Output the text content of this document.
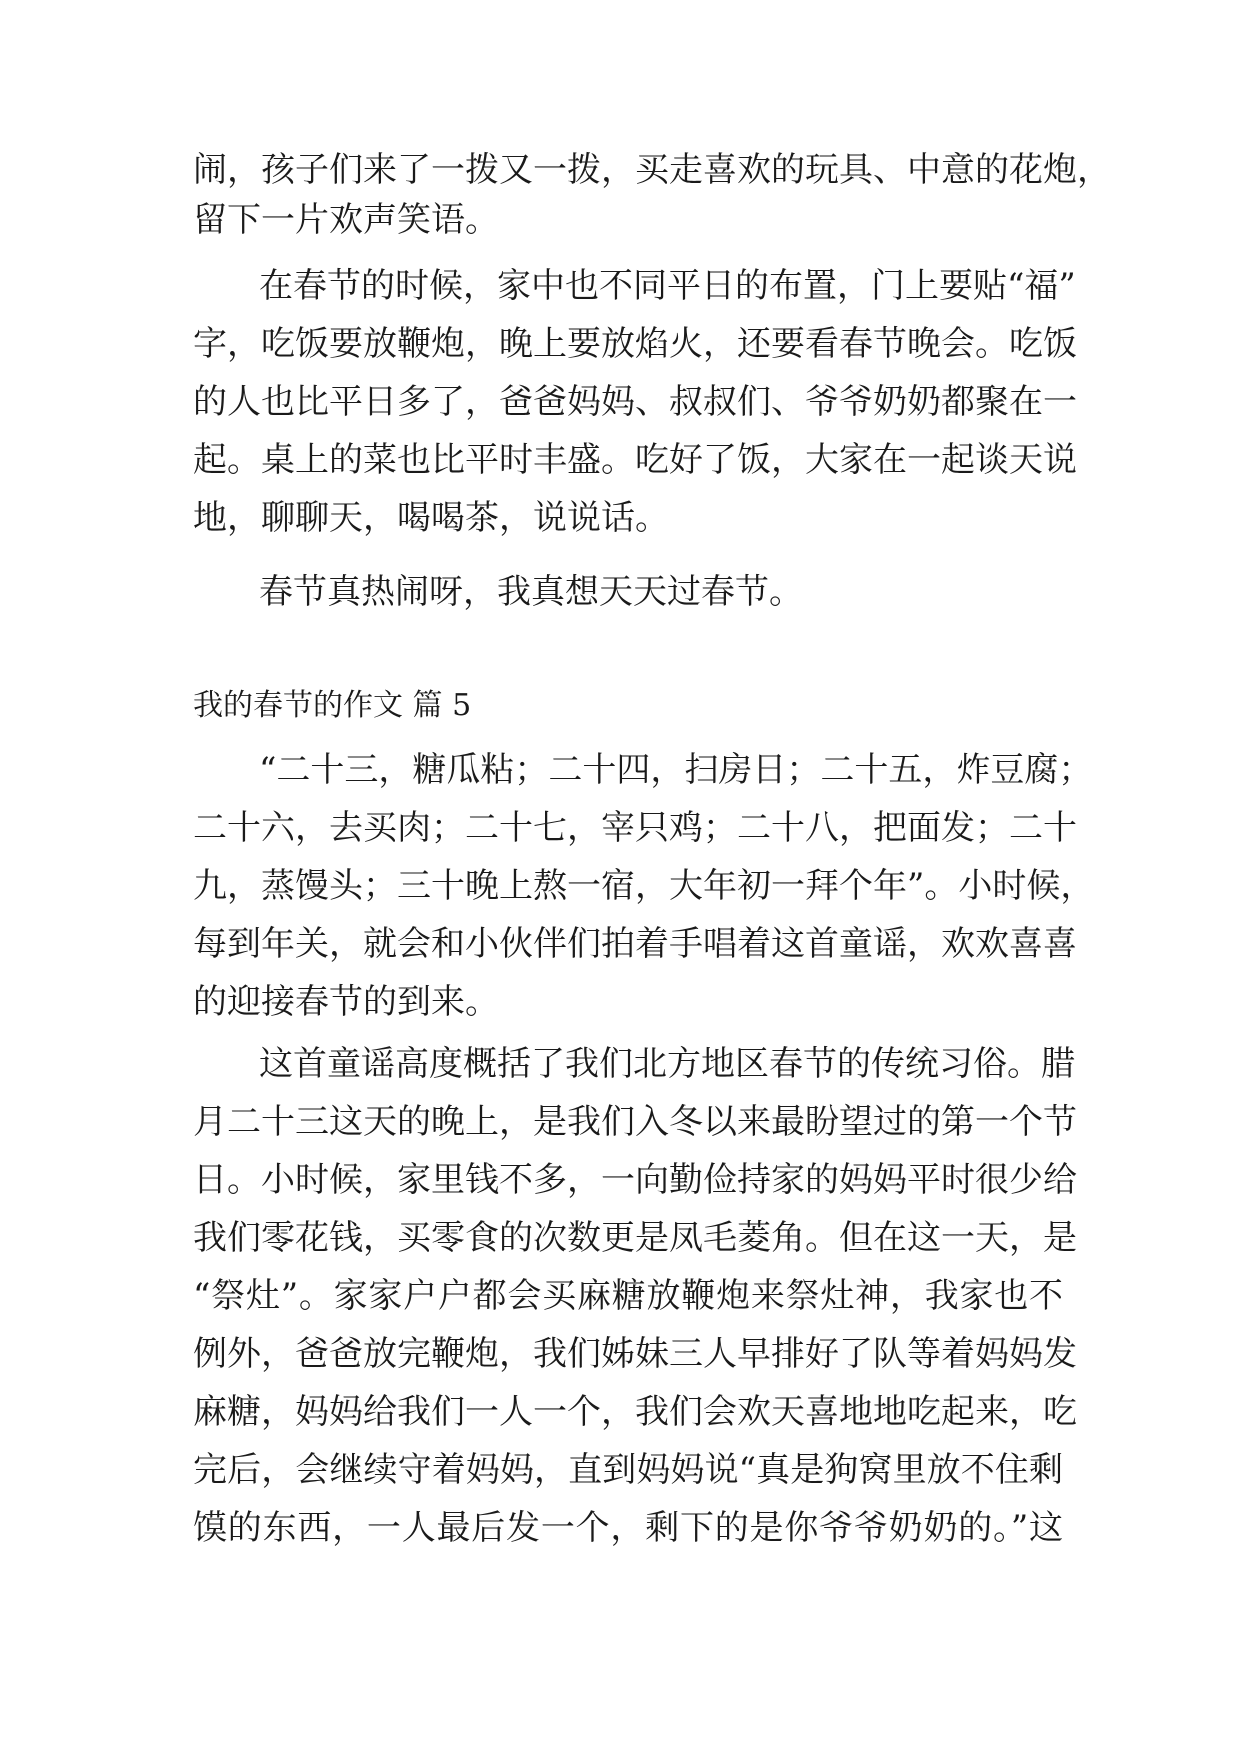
闹，孩子们来了一拨又一拨，买走喜欢的玩具、中意的花炮，
留下一片欢声笑语。
在春节的时候，家中也不同平日的布置，门上要贴“福”
字，吃饭要放鞭炮，晚上要放焰火，还要看春节晚会。吃饭
的人也比平日多了，爸爸妈妈、叔叔们、爷爷奶奶都聚在一
起。桌上的菜也比平时丰盛。吃好了饭，大家在一起谈天说
地，聊聊天，喝喝茶，说说话。
春节真热闹呀，我真想天天过春节。
我的春节的作文 篇 5
“二十三，糖瓜粘；二十四，扫房日；二十五，炸豆腐；
二十六，去买肉；二十七，宰只鸡；二十八，把面发；二十
九，蒸馒头；三十晚上熬一宿，大年初一拜个年”。小时候，
每到年关，就会和小伙伴们拍着手唱着这首童谣，欢欢喜喜
的迎接春节的到来。
这首童谣高度概括了我们北方地区春节的传统习俗。腊
月二十三这天的晚上，是我们入冬以来最盼望过的第一个节
日。小时候，家里钱不多，一向勤俭持家的妈妈平时很少给
我们零花钱，买零食的次数更是凤毛菱角。但在这一天，是
“祭灶”。家家户户都会买麻糖放鞭炮来祭灶神，我家也不
例外，爸爸放完鞭炮，我们姊妹三人早排好了队等着妈妈发
麻糖，妈妈给我们一人一个，我们会欢天喜地地吃起来，吃
完后，会继续守着妈妈，直到妈妈说“真是狗窝里放不住剩
馍的东西，一人最后发一个，剩下的是你爷爷奶奶的。”这
